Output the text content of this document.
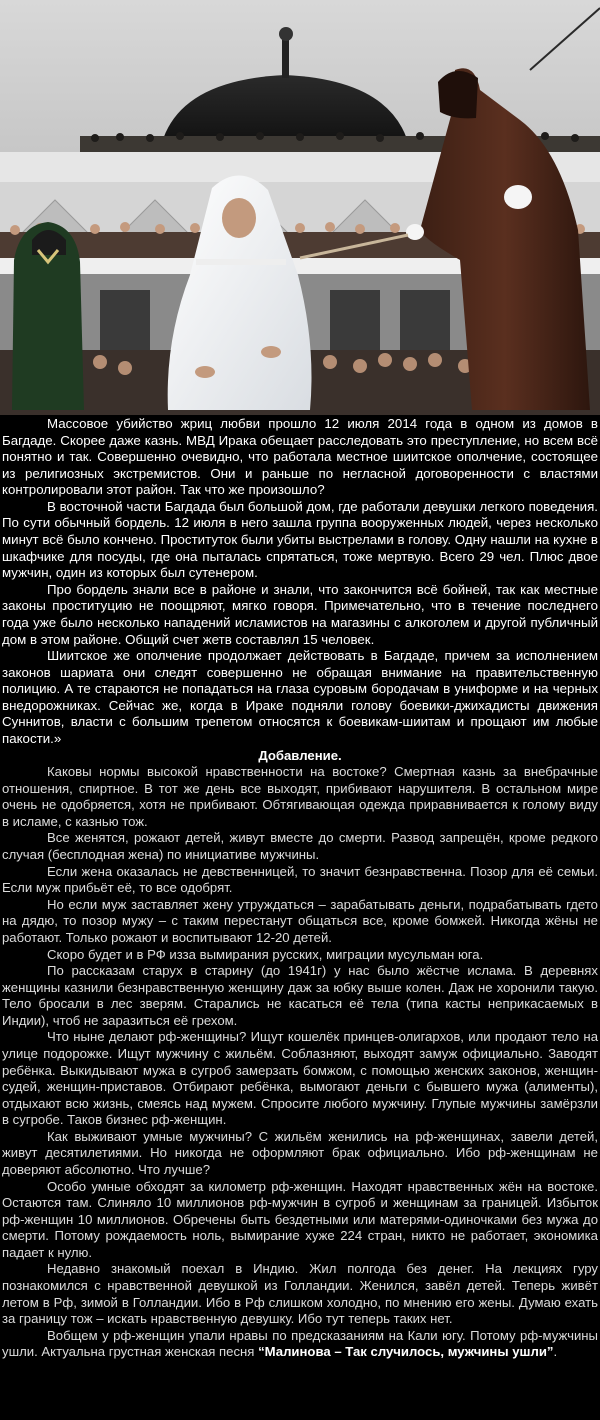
Массовое убийство жриц любви прошло 12 июля 2014 года в одном из домов в Багдаде. Скорее даже казнь. МВД Ирака обещает расследовать это преступление, но всем всё понятно и так. Совершенно очевидно, что работала местное шиитское ополчение, состоящее из религиозных экстремистов. Они и раньше по негласной договоренности с властями контролировали этот район. Так что же произошло?

В восточной части Багдада был большой дом, где работали девушки легкого поведения. По сути обычный бордель. 12 июля в него зашла группа вооруженных людей, через несколько минут всё было кончено. Проституток были убиты выстрелами в голову. Одну нашли на кухне в шкафчике для посуды, где она пыталась спрятаться, тоже мертвую. Всего 29 чел. Плюс двое мужчин, один из которых был сутенером.

Про бордель знали все в районе и знали, что закончится всё бойней, так как местные законы проституцию не поощряют, мягко говоря. Примечательно, что в течение последнего года уже было несколько нападений исламистов на магазины с алкоголем и другой публичный дом в этом районе. Общий счет жетв составлял 15 человек.

Шиитское же ополчение продолжает действовать в Багдаде, причем за исполнением законов шариата они следят совершенно не обращая внимание на правительственную полицию. А те стараются не попадаться на глаза суровым бородачам в униформе и на черных внедорожниках. Сейчас же, когда в Ираке подняли голову боевики-джихадисты движения Суннитов, власти с большим трепетом относятся к боевикам-шиитам и прощают им любые пакости.»

Добавление.

Каковы нормы высокой нравственности на востоке? Смертная казнь за внебрачные отношения, спиртное. В тот же день все выходят, прибивают нарушителя. В остальном мире очень не одобряется, хотя не прибивают. Обтягивающая одежда приравнивается к голому виду в исламе, с казнью тож.

Все женятся, рожают детей, живут вместе до смерти. Развод запрещён, кроме редкого случая (бесплодная жена) по инициативе мужчины.

Если жена оказалась не девственницей, то значит безнравственна. Позор для её семьи. Если муж прибьёт её, то все одобрят.

Но если муж заставляет жену утруждаться – зарабатывать деньги, подрабатывать гдето на дядю, то позор мужу – с таким перестанут общаться все, кроме бомжей. Никогда жёны не работают. Только рожают и воспитывают 12-20 детей.

Скоро будет и в РФ изза вымирания русских, миграции мусульман юга.

По рассказам старух в старину (до 1941г) у нас было жёстче ислама. В деревнях женщины казнили безнравственную женщину даж за юбку выше колен. Даж не хоронили такую. Тело бросали в лес зверям. Старались не касаться её тела (типа касты неприкасаемых в Индии), чтоб не заразиться её грехом.

Что ныне делают рф-женщины? Ищут кошелёк принцев-олигархов, или продают тело на улице подорожке. Ищут мужчину с жильём. Соблазняют, выходят замуж официально. Заводят ребёнка. Выкидывают мужа в сугроб замерзать бомжом, с помощью женских законов, женщин-судей, женщин-приставов. Отбирают ребёнка, вымогают деньги с бывшего мужа (алименты), отдыхают всю жизнь, смеясь над мужем. Спросите любого мужчину. Глупые мужчины замёрзли в сугробе. Таков бизнес рф-женщин.

Как выживают умные мужчины? С жильём женились на рф-женщинах, завели детей, живут десятилетиями. Но никогда не оформляют брак официально. Ибо рф-женщинам не доверяют абсолютно. Что лучше?

Особо умные обходят за километр рф-женщин. Находят нравственных жён на востоке. Остаются там. Слиняло 10 миллионов рф-мужчин в сугроб и женщинам за границей. Избыток рф-женщин 10 миллионов. Обречены быть бездетными или матерями-одиночками без мужа до смерти. Потому рождаемость ноль, вымирание хуже 224 стран, никто не работает, экономика падает к нулю.

Недавно знакомый поехал в Индию. Жил полгода без денег. На лекциях гуру познакомился с нравственной девушкой из Голландии. Женился, завёл детей. Теперь живёт летом в Рф, зимой в Голландии. Ибо в Рф слишком холодно, по мнению его жены. Думаю ехать за границу тож – искать нравственную девушку. Ибо тут теперь таких нет.

Вобщем у рф-женщин упали нравы по предсказаниям на Кали югу. Потому рф-мужчины ушли. Актуальна грустная женская песня “Малинова – Так случилось, мужчины ушли”.
